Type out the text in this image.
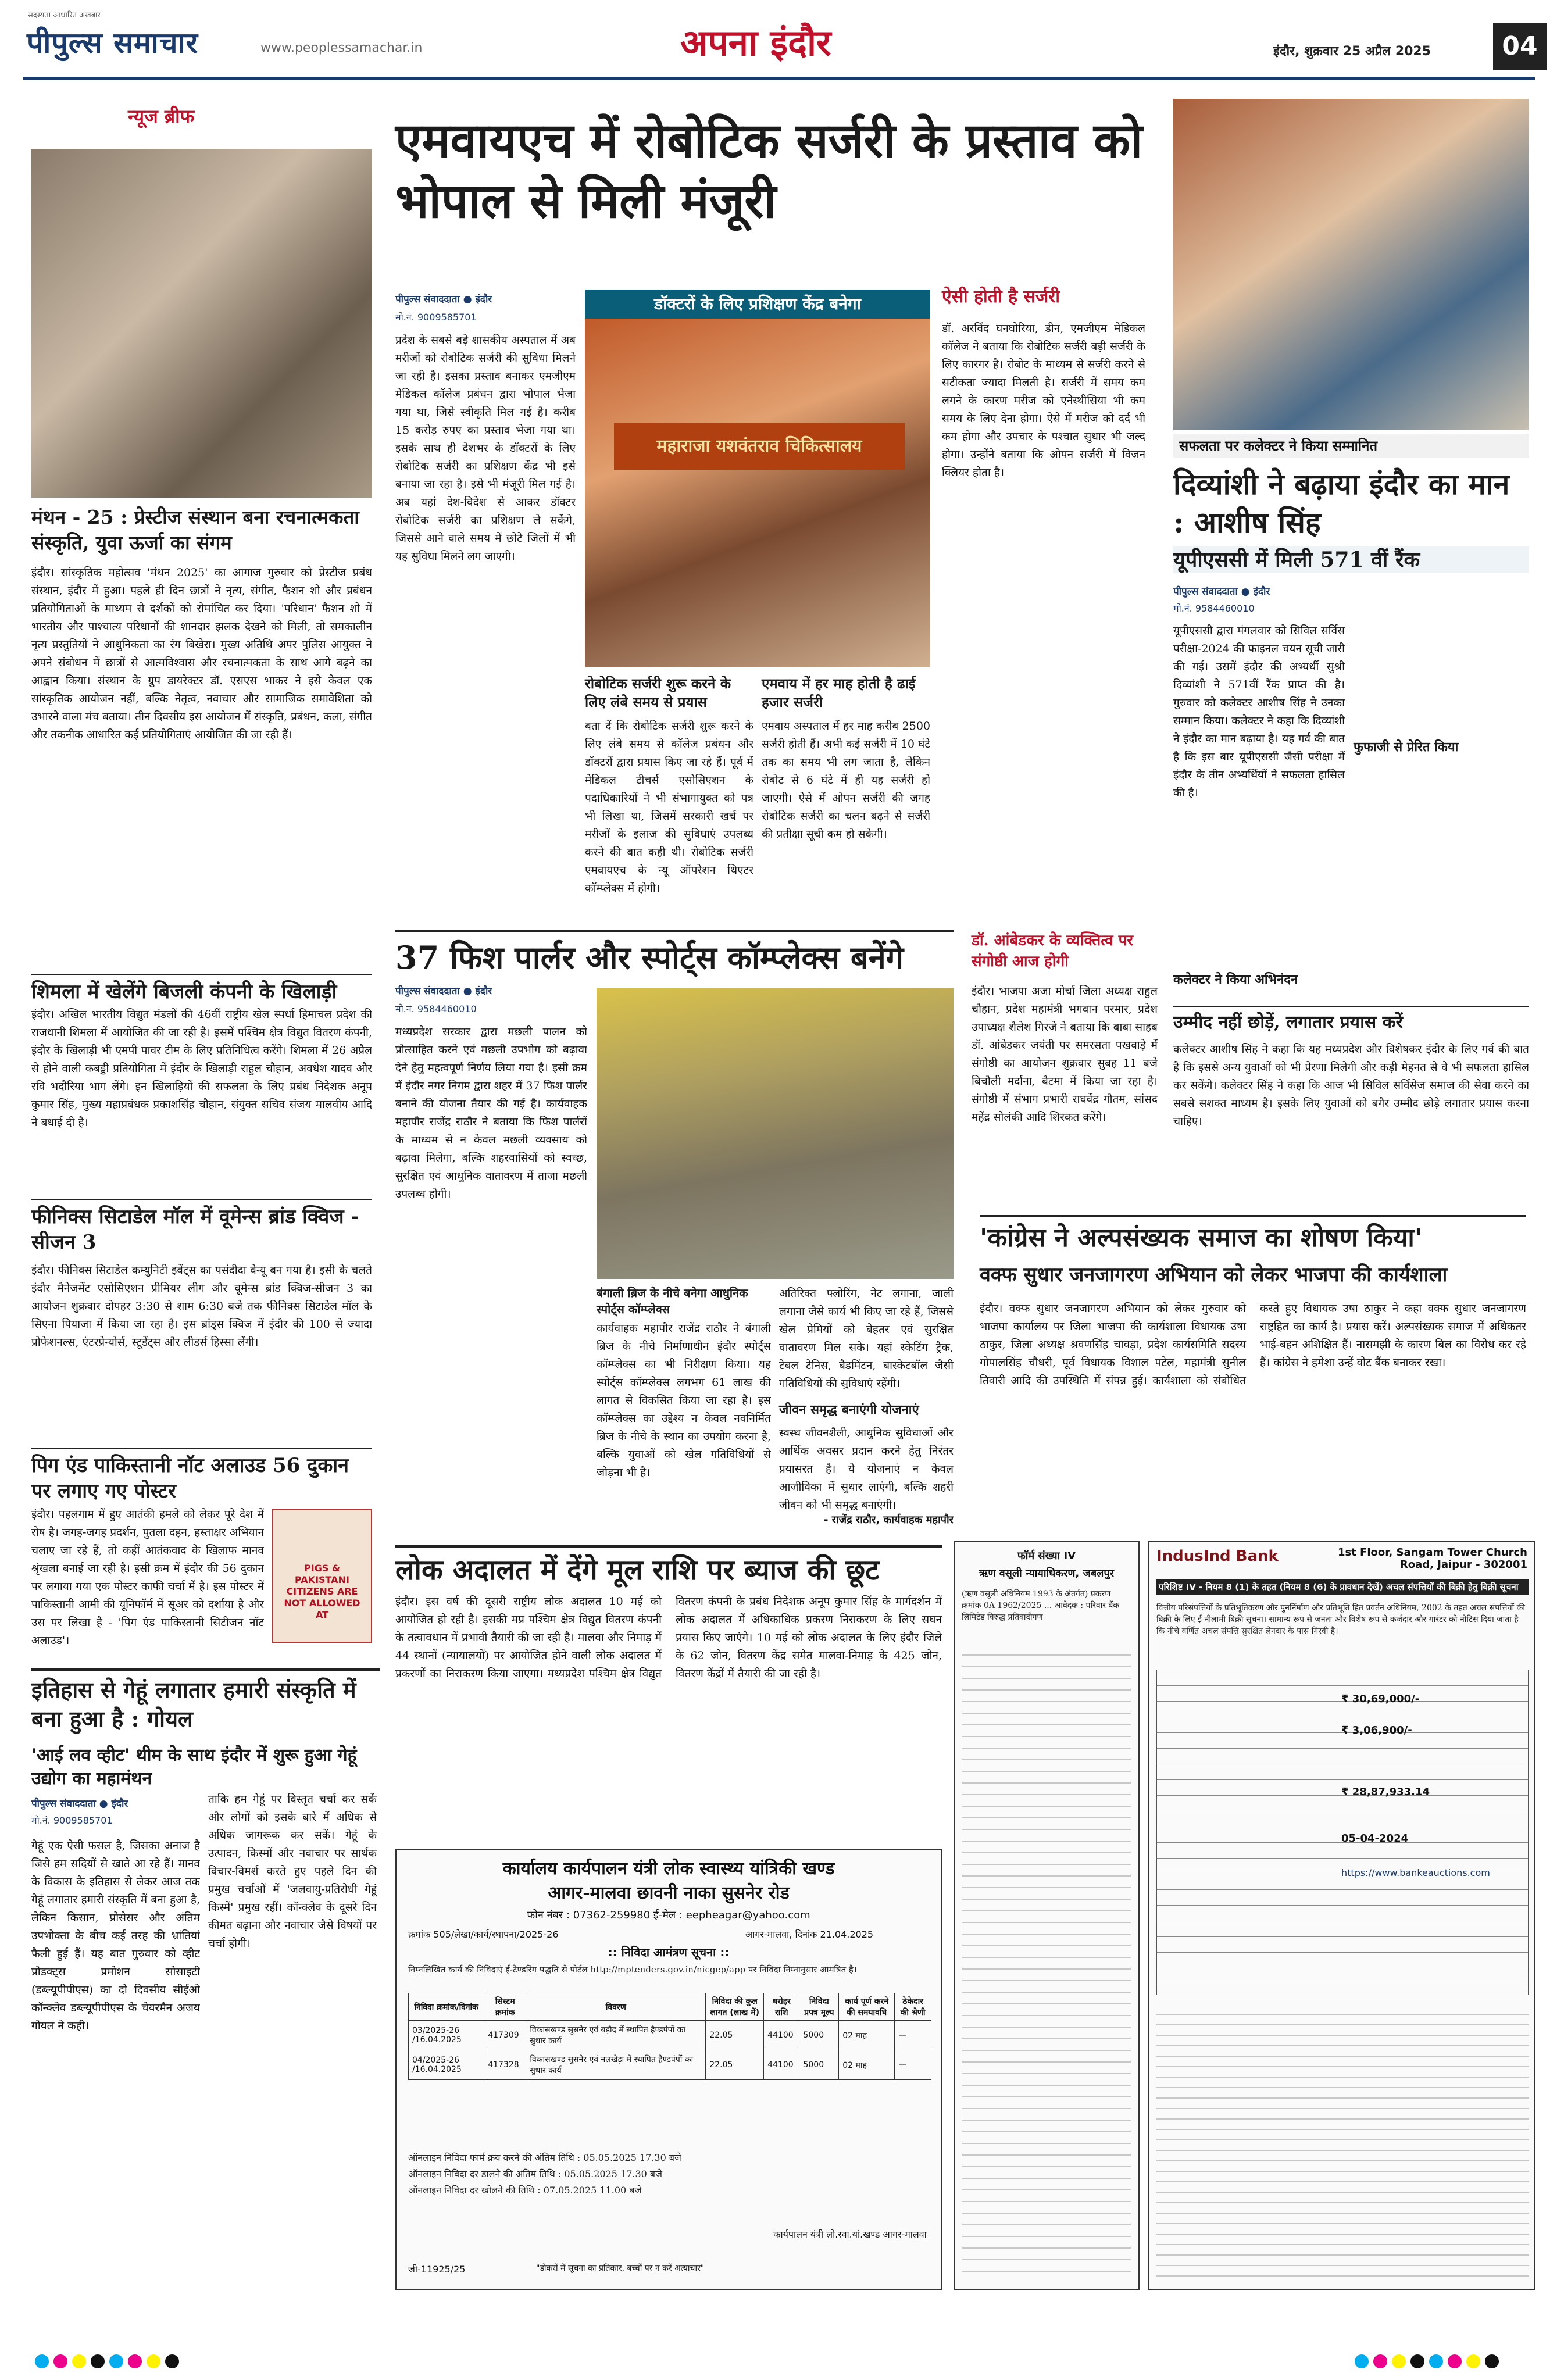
पीपुल्स समाचार
सदस्यता आधारित अखबार
www.peoplessamachar.in	अपना इंदौर	इंदौर, शुक्रवार 25 अप्रैल 2025	04
न्यूज ब्रीफ
मंथन - 25 : प्रेस्टीज संस्थान बना रचनात्मकता संस्कृति, युवा ऊर्जा का संगम
इंदौर। सांस्कृतिक महोत्सव 'मंथन 2025' का आगाज गुरुवार को प्रेस्टीज प्रबंध संस्थान, इंदौर में हुआ। पहले ही दिन छात्रों ने नृत्य, संगीत, फैशन शो और प्रबंधन प्रतियोगिताओं के माध्यम से दर्शकों को रोमांचित कर दिया। 'परिधान' फैशन शो में भारतीय और पाश्चात्य परिधानों की शानदार झलक देखने को मिली, तो समकालीन नृत्य प्रस्तुतियों ने आधुनिकता का रंग बिखेरा। मुख्य अतिथि अपर पुलिस आयुक्त ने अपने संबोधन में छात्रों से आत्मविश्वास और रचनात्मकता के साथ आगे बढ़ने का आह्वान किया। संस्थान के ग्रुप डायरेक्टर डॉ. एसएस भाकर ने इसे केवल एक सांस्कृतिक आयोजन नहीं, बल्कि नेतृत्व, नवाचार और सामाजिक समावेशिता को उभारने वाला मंच बताया। तीन दिवसीय इस आयोजन में संस्कृति, प्रबंधन, कला, संगीत और तकनीक आधारित कई प्रतियोगिताएं आयोजित की जा रही हैं।
शिमला में खेलेंगे बिजली कंपनी के खिलाड़ी
इंदौर। अखिल भारतीय विद्युत मंडलों की 46वीं राष्ट्रीय खेल स्पर्धा हिमाचल प्रदेश की राजधानी शिमला में आयोजित की जा रही है। इसमें पश्चिम क्षेत्र विद्युत वितरण कंपनी, इंदौर के खिलाड़ी भी एमपी पावर टीम के लिए प्रतिनिधित्व करेंगे। शिमला में 26 अप्रैल से होने वाली कबड्डी प्रतियोगिता में इंदौर के खिलाड़ी राहुल चौहान, अवधेश यादव और रवि भदौरिया भाग लेंगे। इन खिलाड़ियों की सफलता के लिए प्रबंध निदेशक अनूप कुमार सिंह, मुख्य महाप्रबंधक प्रकाशसिंह चौहान, संयुक्त सचिव संजय मालवीय आदि ने बधाई दी है।
फीनिक्स सिटाडेल मॉल में वूमेन्स ब्रांड क्विज - सीजन 3
इंदौर। फीनिक्स सिटाडेल कम्युनिटी इवेंट्स का पसंदीदा वेन्यू बन गया है। इसी के चलते इंदौर मैनेजमेंट एसोसिएशन प्रीमियर लीग और वूमेन्स ब्रांड क्विज-सीजन 3 का आयोजन शुक्रवार दोपहर 3:30 से शाम 6:30 बजे तक फीनिक्स सिटाडेल मॉल के सिएना पियाजा में किया जा रहा है। इस ब्रांड्स क्विज में इंदौर की 100 से ज्यादा प्रोफेशनल्स, एंटरप्रेन्योर्स, स्टूडेंट्स और लीडर्स हिस्सा लेंगी।
पिग एंड पाकिस्तानी नॉट अलाउड 56 दुकान पर लगाए गए पोस्टर
इंदौर। पहलगाम में हुए आतंकी हमले को लेकर पूरे देश में रोष है। जगह-जगह प्रदर्शन, पुतला दहन, हस्ताक्षर अभियान चलाए जा रहे हैं, तो कहीं आतंकवाद के खिलाफ मानव श्रृंखला बनाई जा रही है। इसी क्रम में इंदौर की 56 दुकान पर लगाया गया एक पोस्टर काफी चर्चा में है। इस पोस्टर में पाकिस्तानी आमी की यूनिफॉर्म में सूअर को दर्शाया है और उस पर लिखा है - 'पिग एंड पाकिस्तानी सिटीजन नॉट अलाउड'।
PIGS & PAKISTANI CITIZENS ARE NOT ALLOWED AT
एमवायएच में रोबोटिक सर्जरी के प्रस्ताव को भोपाल से मिली मंजूरी
पीपुल्स संवाददाता ● इंदौर
मो.नं. 9009585701
प्रदेश के सबसे बड़े शासकीय अस्पताल में अब मरीजों को रोबोटिक सर्जरी की सुविधा मिलने जा रही है। इसका प्रस्ताव बनाकर एमजीएम मेडिकल कॉलेज प्रबंधन द्वारा भोपाल भेजा गया था, जिसे स्वीकृति मिल गई है। करीब 15 करोड़ रुपए का प्रस्ताव भेजा गया था। इसके साथ ही देशभर के डॉक्टरों के लिए रोबोटिक सर्जरी का प्रशिक्षण केंद्र भी इसे बनाया जा रहा है। इसे भी मंजूरी मिल गई है। अब यहां देश-विदेश से आकर डॉक्टर रोबोटिक सर्जरी का प्रशिक्षण ले सकेंगे, जिससे आने वाले समय में छोटे जिलों में भी यह सुविधा मिलने लग जाएगी।
डॉक्टरों के लिए प्रशिक्षण केंद्र बनेगा
महाराजा यशवंतराव चिकित्सालय
रोबोटिक सर्जरी शुरू करने के लिए लंबे समय से प्रयास
बता दें कि रोबोटिक सर्जरी शुरू करने के लिए लंबे समय से कॉलेज प्रबंधन और डॉक्टरों द्वारा प्रयास किए जा रहे हैं। पूर्व में मेडिकल टीचर्स एसोसिएशन के पदाधिकारियों ने भी संभागायुक्त को पत्र भी लिखा था, जिसमें सरकारी खर्च पर मरीजों के इलाज की सुविधाएं उपलब्ध करने की बात कही थी। रोबोटिक सर्जरी एमवायएच के न्यू ऑपरेशन थिएटर कॉम्प्लेक्स में होगी।
एमवाय में हर माह होती है ढाई हजार सर्जरी
एमवाय अस्पताल में हर माह करीब 2500 सर्जरी होती हैं। अभी कई सर्जरी में 10 घंटे तक का समय भी लग जाता है, लेकिन रोबोट से 6 घंटे में ही यह सर्जरी हो जाएगी। ऐसे में ओपन सर्जरी की जगह रोबोटिक सर्जरी का चलन बढ़ने से सर्जरी की प्रतीक्षा सूची कम हो सकेगी।
ऐसी होती है सर्जरी
डॉ. अरविंद घनघोरिया, डीन, एमजीएम मेडिकल कॉलेज ने बताया कि रोबोटिक सर्जरी बड़ी सर्जरी के लिए कारगर है। रोबोट के माध्यम से सर्जरी करने से सटीकता ज्यादा मिलती है। सर्जरी में समय कम लगने के कारण मरीज को एनेस्थीसिया भी कम समय के लिए देना होगा। ऐसे में मरीज को दर्द भी कम होगा और उपचार के पश्चात सुधार भी जल्द होगा। उन्होंने बताया कि ओपन सर्जरी में विजन क्लियर होता है।
सफलता पर कलेक्टर ने किया सम्मानित
दिव्यांशी ने बढ़ाया इंदौर का मान : आशीष सिंह
यूपीएससी में मिली 571 वीं रैंक
पीपुल्स संवाददाता ● इंदौर
मो.नं. 9584460010
यूपीएससी द्वारा मंगलवार को सिविल सर्विस परीक्षा-2024 की फाइनल चयन सूची जारी की गई। उसमें इंदौर की अभ्यर्थी सुश्री दिव्यांशी ने 571वीं रैंक प्राप्त की है। गुरुवार को कलेक्टर आशीष सिंह ने उनका सम्मान किया। कलेक्टर ने कहा कि दिव्यांशी ने इंदौर का मान बढ़ाया है। यह गर्व की बात है कि इस बार यूपीएससी जैसी परीक्षा में इंदौर के तीन अभ्यर्थियों ने सफलता हासिल की है।
फुफाजी से प्रेरित किया
कलेक्टर ने किया अभिनंदन
उम्मीद नहीं छोड़ें, लगातार प्रयास करें
कलेक्टर आशीष सिंह ने कहा कि यह मध्यप्रदेश और विशेषकर इंदौर के लिए गर्व की बात है कि इससे अन्य युवाओं को भी प्रेरणा मिलेगी और कड़ी मेहनत से वे भी सफलता हासिल कर सकेंगे। कलेक्टर सिंह ने कहा कि आज भी सिविल सर्विसेज समाज की सेवा करने का सबसे सशक्त माध्यम है। इसके लिए युवाओं को बगैर उम्मीद छोड़े लगातार प्रयास करना चाहिए।
37 फिश पार्लर और स्पोर्ट्स कॉम्प्लेक्स बनेंगे
पीपुल्स संवाददाता ● इंदौर
मो.नं. 9584460010
मध्यप्रदेश सरकार द्वारा मछली पालन को प्रोत्साहित करने एवं मछली उपभोग को बढ़ावा देने हेतु महत्वपूर्ण निर्णय लिया गया है। इसी क्रम में इंदौर नगर निगम द्वारा शहर में 37 फिश पार्लर बनाने की योजना तैयार की गई है। कार्यवाहक महापौर राजेंद्र राठौर ने बताया कि फिश पार्लरों के माध्यम से न केवल मछली व्यवसाय को बढ़ावा मिलेगा, बल्कि शहरवासियों को स्वच्छ, सुरक्षित एवं आधुनिक वातावरण में ताजा मछली उपलब्ध होगी।
बंगाली ब्रिज के नीचे बनेगा आधुनिक स्पोर्ट्स कॉम्प्लेक्स
कार्यवाहक महापौर राजेंद्र राठौर ने बंगाली ब्रिज के नीचे निर्माणाधीन इंदौर स्पोर्ट्स कॉम्प्लेक्स का भी निरीक्षण किया। यह स्पोर्ट्स कॉम्प्लेक्स लगभग 61 लाख की लागत से विकसित किया जा रहा है। इस कॉम्प्लेक्स का उद्देश्य न केवल नवनिर्मित ब्रिज के नीचे के स्थान का उपयोग करना है, बल्कि युवाओं को खेल गतिविधियों से जोड़ना भी है।
अतिरिक्त फ्लोरिंग, नेट लगाना, जाली लगाना जैसे कार्य भी किए जा रहे हैं, जिससे खेल प्रेमियों को बेहतर एवं सुरक्षित वातावरण मिल सके। यहां स्केटिंग ट्रैक, टेबल टेनिस, बैडमिंटन, बास्केटबॉल जैसी गतिविधियों की सुविधाएं रहेंगी।
जीवन समृद्ध बनाएंगी योजनाएं
स्वस्थ जीवनशैली, आधुनिक सुविधाओं और आर्थिक अवसर प्रदान करने हेतु निरंतर प्रयासरत है। ये योजनाएं न केवल आजीविका में सुधार लाएंगी, बल्कि शहरी जीवन को भी समृद्ध बनाएंगी।
- राजेंद्र राठौर, कार्यवाहक महापौर
डॉ. आंबेडकर के व्यक्तित्व पर संगोष्ठी आज होगी
इंदौर। भाजपा अजा मोर्चा जिला अध्यक्ष राहुल चौहान, प्रदेश महामंत्री भगवान परमार, प्रदेश उपाध्यक्ष शैलेश गिरजे ने बताया कि बाबा साहब डॉ. आंबेडकर जयंती पर समरसता पखवाड़े में संगोष्ठी का आयोजन शुक्रवार सुबह 11 बजे बिचौली मर्दाना, बैटमा में किया जा रहा है। संगोष्ठी में संभाग प्रभारी राघवेंद्र गौतम, सांसद महेंद्र सोलंकी आदि शिरकत करेंगे।
'कांग्रेस ने अल्पसंख्यक समाज का शोषण किया'
वक्फ सुधार जनजागरण अभियान को लेकर भाजपा की कार्यशाला
इंदौर। वक्फ सुधार जनजागरण अभियान को लेकर गुरुवार को भाजपा कार्यालय पर जिला भाजपा की कार्यशाला विधायक उषा ठाकुर, जिला अध्यक्ष श्रवणसिंह चावड़ा, प्रदेश कार्यसमिति सदस्य गोपालसिंह चौधरी, पूर्व विधायक विशाल पटेल, महामंत्री सुनील तिवारी आदि की उपस्थिति में संपन्न हुई। कार्यशाला को संबोधित करते हुए विधायक उषा ठाकुर ने कहा वक्फ सुधार जनजागरण राष्ट्रहित का कार्य है। प्रयास करें। अल्पसंख्यक समाज में अधिकतर भाई-बहन अशिक्षित हैं। नासमझी के कारण बिल का विरोध कर रहे हैं। कांग्रेस ने हमेशा उन्हें वोट बैंक बनाकर रखा।
इतिहास से गेहूं लगातार हमारी संस्कृति में बना हुआ है : गोयल
'आई लव व्हीट' थीम के साथ इंदौर में शुरू हुआ गेहूं उद्योग का महामंथन
पीपुल्स संवाददाता ● इंदौर
मो.नं. 9009585701
गेहूं एक ऐसी फसल है, जिसका अनाज है जिसे हम सदियों से खाते आ रहे हैं। मानव के विकास के इतिहास से लेकर आज तक गेहूं लगातार हमारी संस्कृति में बना हुआ है, लेकिन किसान, प्रोसेसर और अंतिम उपभोक्ता के बीच कई तरह की भ्रांतियां फैली हुई हैं। यह बात गुरुवार को व्हीट प्रोडक्ट्स प्रमोशन सोसाइटी (डब्ल्यूपीपीएस) का दो दिवसीय सीईओ कॉन्क्लेव डब्ल्यूपीपीएस के चेयरमैन अजय गोयल ने कही।
ताकि हम गेहूं पर विस्तृत चर्चा कर सकें और लोगों को इसके बारे में अधिक से अधिक जागरूक कर सकें। गेहूं के उत्पादन, किस्मों और नवाचार पर सार्थक विचार-विमर्श करते हुए पहले दिन की प्रमुख चर्चाओं में 'जलवायु-प्रतिरोधी गेहूं किस्में' प्रमुख रहीं। कॉन्क्लेव के दूसरे दिन कीमत बढ़ाना और नवाचार जैसे विषयों पर चर्चा होगी।
लोक अदालत में देंगे मूल राशि पर ब्याज की छूट
इंदौर। इस वर्ष की दूसरी राष्ट्रीय लोक अदालत 10 मई को आयोजित हो रही है। इसकी मप्र पश्चिम क्षेत्र विद्युत वितरण कंपनी के तत्वावधान में प्रभावी तैयारी की जा रही है। मालवा और निमाड़ में 44 स्थानों (न्यायालयों) पर आयोजित होने वाली लोक अदालत में प्रकरणों का निराकरण किया जाएगा। मध्यप्रदेश पश्चिम क्षेत्र विद्युत वितरण कंपनी के प्रबंध निदेशक अनूप कुमार सिंह के मार्गदर्शन में लोक अदालत में अधिकाधिक प्रकरण निराकरण के लिए सघन प्रयास किए जाएंगे। 10 मई को लोक अदालत के लिए इंदौर जिले के 62 जोन, वितरण केंद्र समेत मालवा-निमाड़ के 425 जोन, वितरण केंद्रों में तैयारी की जा रही है।
कार्यालय कार्यपालन यंत्री लोक स्वास्थ्य यांत्रिकी खण्ड
आगर-मालवा छावनी नाका सुसनेर रोड
फोन नंबर : 07362-259980 ई-मेल : eepheagar@yahoo.com
क्रमांक 505/लेखा/कार्य/स्थापना/2025-26	आगर-मालवा, दिनांक 21.04.2025
:: निविदा आमंत्रण सूचना ::
निम्नलिखित कार्य की निविदाएं ई-टेण्डरिंग पद्धति से पोर्टल http://mptenders.gov.in/nicgep/app पर निविदा निम्नानुसार आमंत्रित है।
निविदा क्रमांक/दिनांक	सिस्टम क्रमांक	विवरण	निविदा की कुल लागत (लाख में)	धरोहर राशि	निविदा प्रपत्र मूल्य	कार्य पूर्ण करने की समयावधि	ठेकेदार की श्रेणी
03/2025-26 /16.04.2025	417309	विकासखण्ड सुसनेर एवं बड़ौद में स्थापित हैण्डपंपों का सुधार कार्य	22.05	44100	5000	02 माह	—
04/2025-26 /16.04.2025	417328	विकासखण्ड सुसनेर एवं नलखेड़ा में स्थापित हैण्डपंपों का सुधार कार्य	22.05	44100	5000	02 माह	—
ऑनलाइन निविदा फार्म क्रय करने की अंतिम तिथि : 05.05.2025 17.30 बजे
ऑनलाइन निविदा दर डालने की अंतिम तिथि : 05.05.2025 17.30 बजे
ऑनलाइन निविदा दर खोलने की तिथि : 07.05.2025 11.00 बजे
जी-11925/25	"डोकरों में सूचना का प्रतिकार, बच्चों पर न करें अत्याचार"
कार्यपालन यंत्री लो.स्वा.यां.खण्ड आगर-मालवा
फॉर्म संख्या IV
ऋण वसूली न्यायाधिकरण, जबलपुर
(ऋण वसूली अधिनियम 1993 के अंतर्गत) प्रकरण क्रमांक 0A 1962/2025 ... आवेदक : परिवार बैंक लिमिटेड विरुद्ध प्रतिवादीगण
IndusInd Bank	1st Floor, Sangam Tower Church Road, Jaipur - 302001
परिशिष्ट IV - नियम 8 (1) के तहत (नियम 8 (6) के प्रावधान देखें) अचल संपत्तियों की बिक्री हेतु बिक्री सूचना
वित्तीय परिसंपत्तियों के प्रतिभूतिकरण और पुनर्निर्माण और प्रतिभूति हित प्रवर्तन अधिनियम, 2002 के तहत अचल संपत्तियों की बिक्री के लिए ई-नीलामी बिक्री सूचना। सामान्य रूप से जनता और विशेष रूप से कर्जदार और गारंटर को नोटिस दिया जाता है कि नीचे वर्णित अचल संपत्ति सुरक्षित लेनदार के पास गिरवी है।
₹ 30,69,000/-
₹ 3,06,900/-
₹ 28,87,933.14
05-04-2024
https://www.bankeauctions.com
